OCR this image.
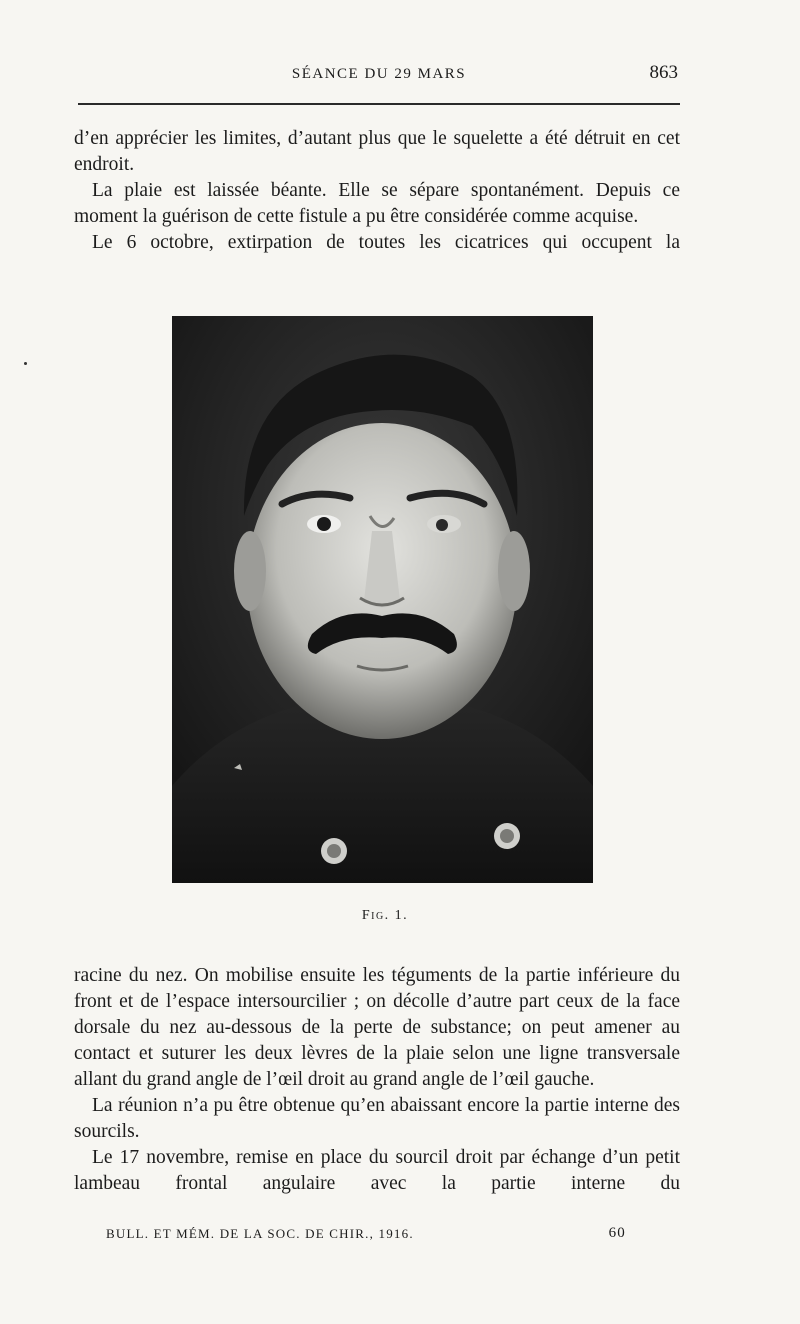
SÉANCE DU 29 MARS	863

d’en apprécier les limites, d’autant plus que le squelette a été détruit en cet endroit.

La plaie est laissée béante. Elle se sépare spontanément. Depuis ce moment la guérison de cette fistule a pu être considérée comme acquise.

Le 6 octobre, extirpation de toutes les cicatrices qui occupent la

Fig. 1.

racine du nez. On mobilise ensuite les téguments de la partie inférieure du front et de l’espace intersourcilier ; on décolle d’autre part ceux de la face dorsale du nez au-dessous de la perte de substance; on peut amener au contact et suturer les deux lèvres de la plaie selon une ligne transversale allant du grand angle de l’œil droit au grand angle de l’œil gauche.

La réunion n’a pu être obtenue qu’en abaissant encore la partie interne des sourcils.

Le 17 novembre, remise en place du sourcil droit par échange d’un petit lambeau frontal angulaire avec la partie interne du

BULL. ET MÉM. DE LA SOC. DE CHIR., 1916.	60
